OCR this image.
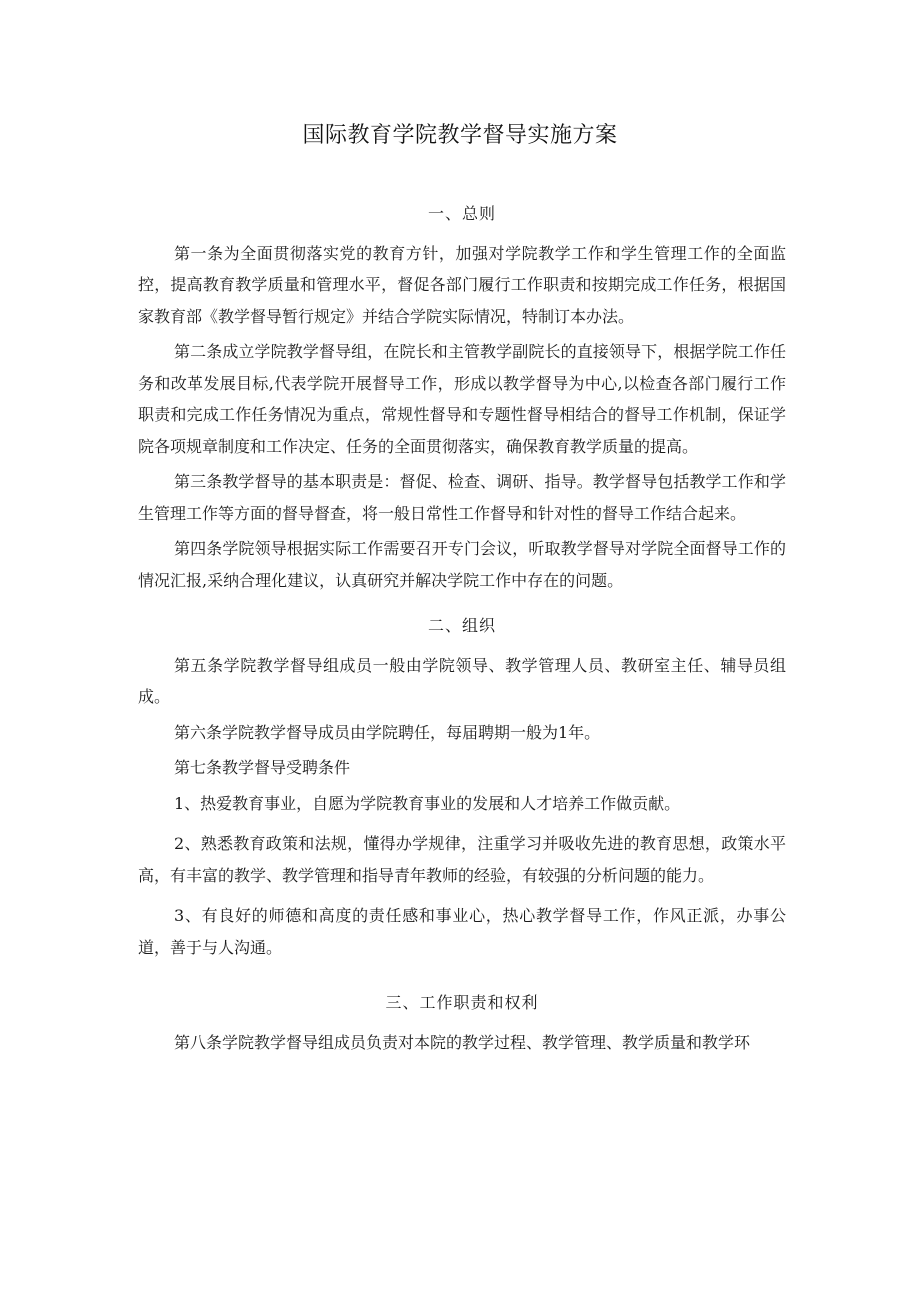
国际教育学院教学督导实施方案

一、总则

第一条为全面贯彻落实党的教育方针，加强对学院教学工作和学生管理工作的全面监控，提高教育教学质量和管理水平，督促各部门履行工作职责和按期完成工作任务，根据国家教育部《教学督导暂行规定》并结合学院实际情况，特制订本办法。

第二条成立学院教学督导组，在院长和主管教学副院长的直接领导下，根据学院工作任务和改革发展目标,代表学院开展督导工作，形成以教学督导为中心,以检查各部门履行工作职责和完成工作任务情况为重点，常规性督导和专题性督导相结合的督导工作机制，保证学院各项规章制度和工作决定、任务的全面贯彻落实，确保教育教学质量的提高。

第三条教学督导的基本职责是：督促、检查、调研、指导。教学督导包括教学工作和学生管理工作等方面的督导督查，将一般日常性工作督导和针对性的督导工作结合起来。

第四条学院领导根据实际工作需要召开专门会议，听取教学督导对学院全面督导工作的情况汇报,采纳合理化建议，认真研究并解决学院工作中存在的问题。

二、组织

第五条学院教学督导组成员一般由学院领导、教学管理人员、教研室主任、辅导员组成。

第六条学院教学督导成员由学院聘任，每届聘期一般为1年。

第七条教学督导受聘条件

1、热爱教育事业，自愿为学院教育事业的发展和人才培养工作做贡献。

2、熟悉教育政策和法规，懂得办学规律，注重学习并吸收先进的教育思想，政策水平高，有丰富的教学、教学管理和指导青年教师的经验，有较强的分析问题的能力。

3、有良好的师德和高度的责任感和事业心，热心教学督导工作，作风正派，办事公道，善于与人沟通。

三、工作职责和权利

第八条学院教学督导组成员负责对本院的教学过程、教学管理、教学质量和教学环
